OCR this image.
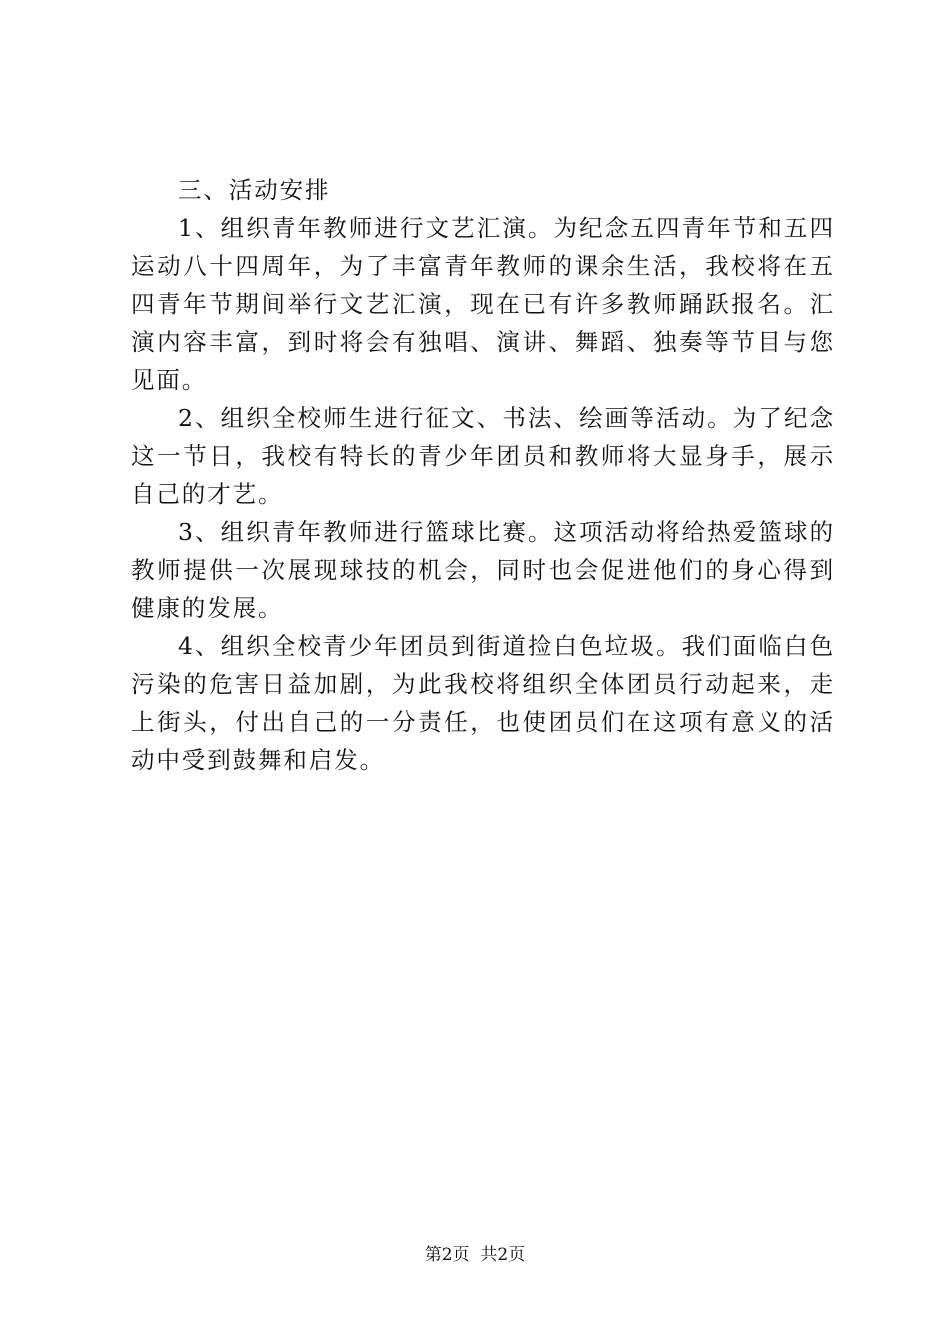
三、活动安排

1、组织青年教师进行文艺汇演。为纪念五四青年节和五四运动八十四周年，为了丰富青年教师的课余生活，我校将在五四青年节期间举行文艺汇演，现在已有许多教师踊跃报名。汇演内容丰富，到时将会有独唱、演讲、舞蹈、独奏等节目与您见面。

2、组织全校师生进行征文、书法、绘画等活动。为了纪念这一节日，我校有特长的青少年团员和教师将大显身手，展示自己的才艺。

3、组织青年教师进行篮球比赛。这项活动将给热爱篮球的教师提供一次展现球技的机会，同时也会促进他们的身心得到健康的发展。

4、组织全校青少年团员到街道捡白色垃圾。我们面临白色污染的危害日益加剧，为此我校将组织全体团员行动起来，走上街头，付出自己的一分责任，也使团员们在这项有意义的活动中受到鼓舞和启发。

第2页 共2页
